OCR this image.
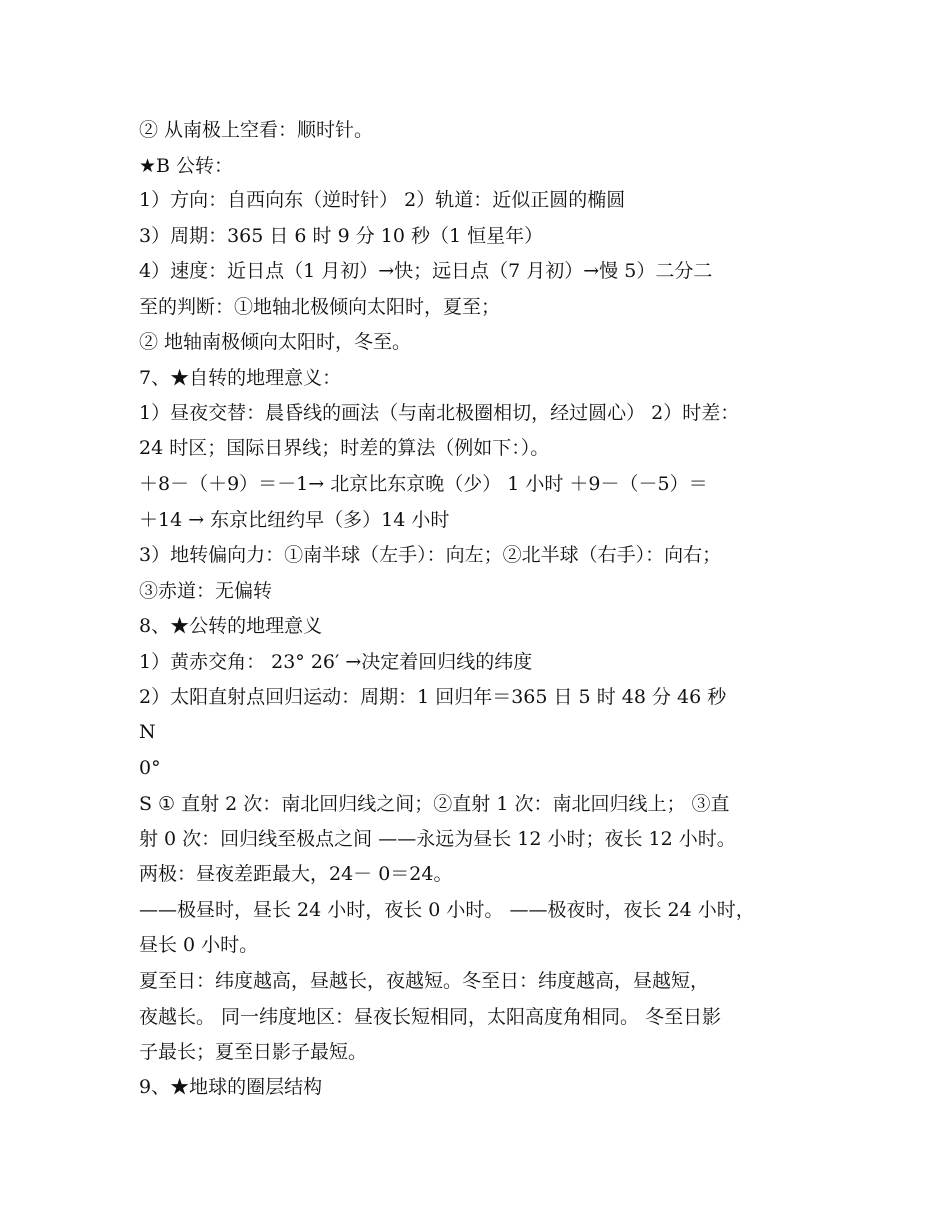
② 从南极上空看：顺时针。
★B 公转：
1）方向：自西向东（逆时针） 2）轨道：近似正圆的椭圆
3）周期：365 日 6 时 9 分 10 秒（1 恒星年）
4）速度：近日点（1 月初）→快；远日点（7 月初）→慢 5）二分二
至的判断：①地轴北极倾向太阳时，夏至；
② 地轴南极倾向太阳时，冬至。
7、★自转的地理意义：
1）昼夜交替：晨昏线的画法（与南北极圈相切，经过圆心） 2）时差：
24 时区；国际日界线；时差的算法（例如下：）。
＋8－（＋9）＝－1→ 北京比东京晚（少） 1 小时 ＋9－（－5）＝
＋14 → 东京比纽约早（多）14 小时
3）地转偏向力：①南半球（左手）：向左；②北半球（右手）：向右；
③赤道：无偏转
8、★公转的地理意义
1）黄赤交角： 23° 26′ →决定着回归线的纬度
2）太阳直射点回归运动：周期：1 回归年＝365 日 5 时 48 分 46 秒
N
0°
S ① 直射 2 次：南北回归线之间；②直射 1 次：南北回归线上； ③直
射 0 次：回归线至极点之间 ——永远为昼长 12 小时；夜长 12 小时。
两极：昼夜差距最大，24－ 0＝24。
——极昼时，昼长 24 小时，夜长 0 小时。 ——极夜时，夜长 24 小时，
昼长 0 小时。
夏至日：纬度越高，昼越长，夜越短。冬至日：纬度越高，昼越短，
夜越长。 同一纬度地区：昼夜长短相同，太阳高度角相同。 冬至日影
子最长；夏至日影子最短。
9、★地球的圈层结构
